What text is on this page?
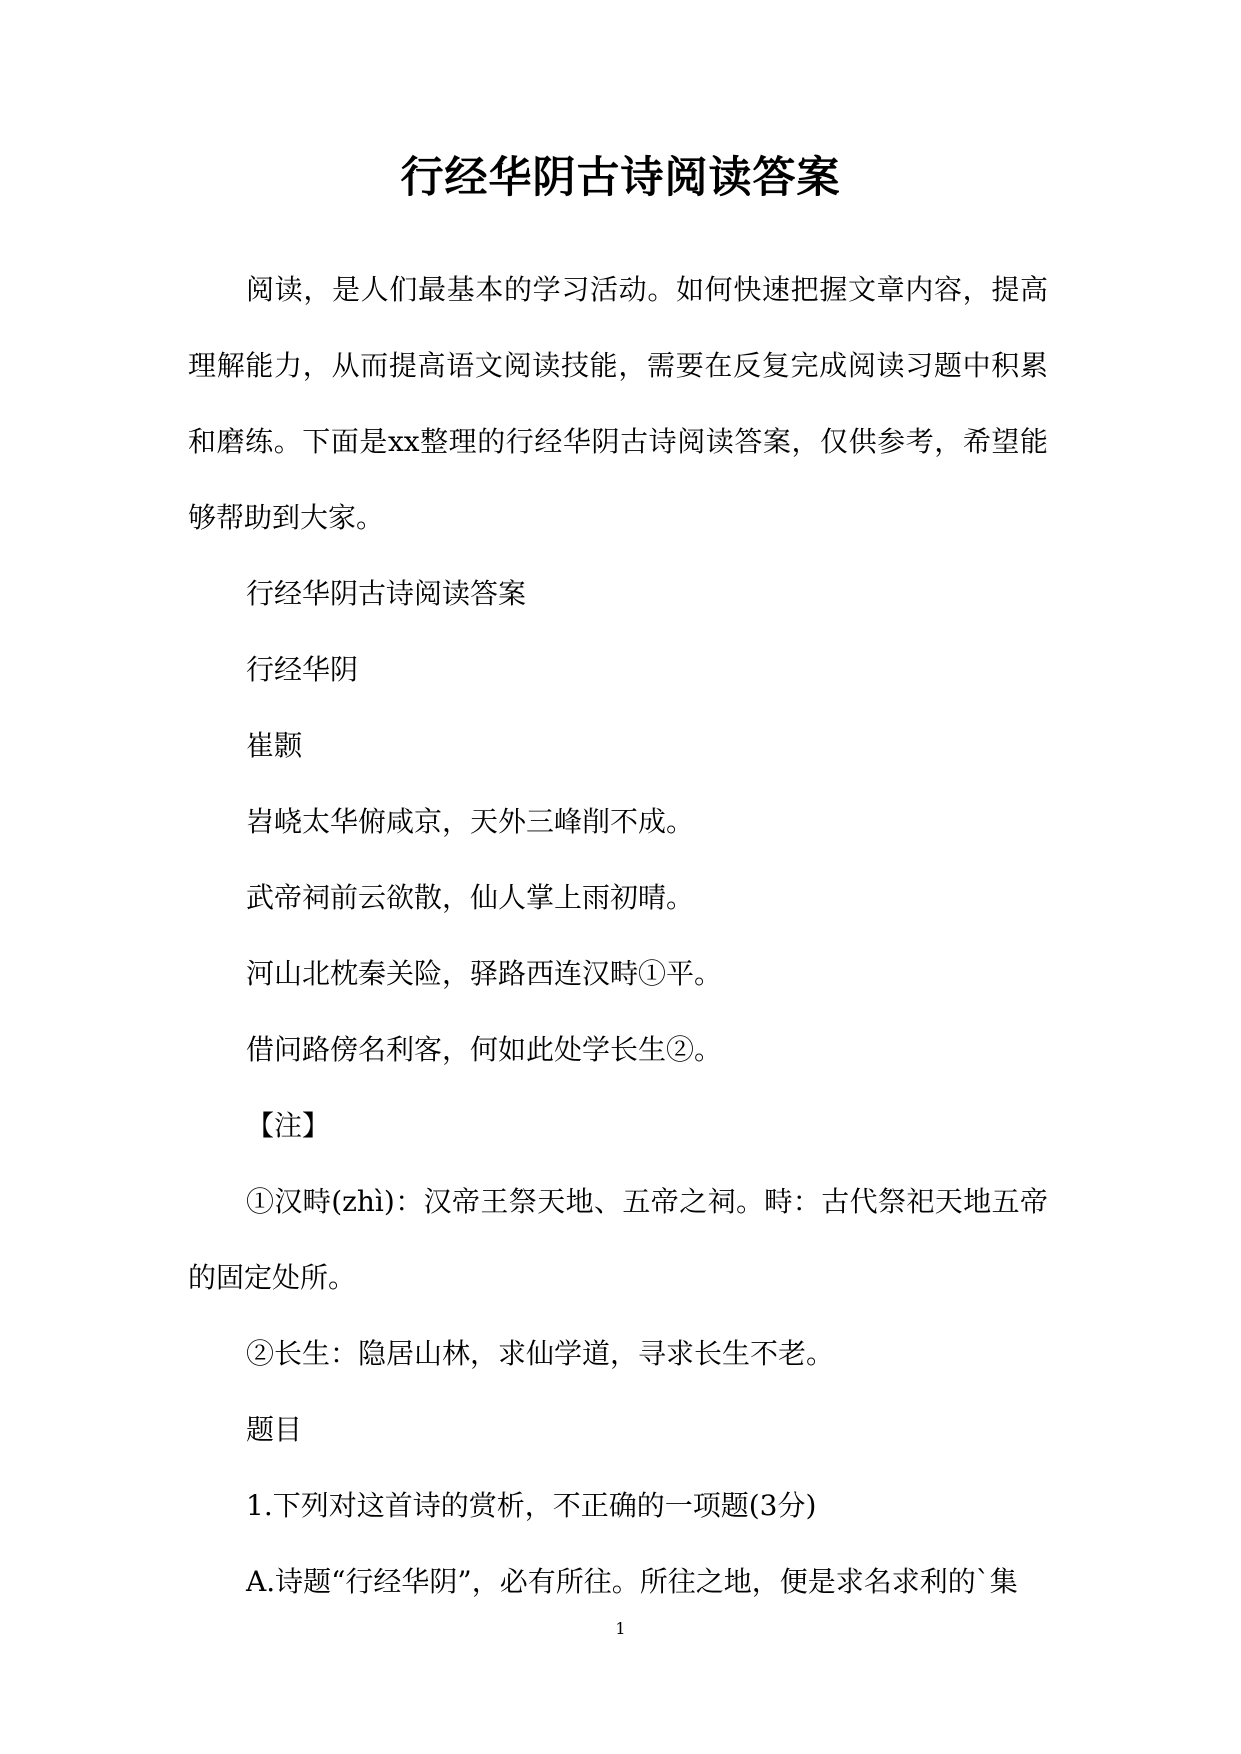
行经华阴古诗阅读答案

阅读，是人们最基本的学习活动。如何快速把握文章内容，提高理解能力，从而提高语文阅读技能，需要在反复完成阅读习题中积累和磨练。下面是xx整理的行经华阴古诗阅读答案，仅供参考，希望能够帮助到大家。

行经华阴古诗阅读答案

行经华阴

崔颢

岧峣太华俯咸京，天外三峰削不成。

武帝祠前云欲散，仙人掌上雨初晴。

河山北枕秦关险，驿路西连汉畤①平。

借问路傍名利客，何如此处学长生②。

【注】

①汉畤(zhì)：汉帝王祭天地、五帝之祠。畤：古代祭祀天地五帝的固定处所。

②长生：隐居山林，求仙学道，寻求长生不老。

题目

1.下列对这首诗的赏析，不正确的一项题(3分)

A.诗题“行经华阴”，必有所往。所往之地，便是求名求利的`集

1
